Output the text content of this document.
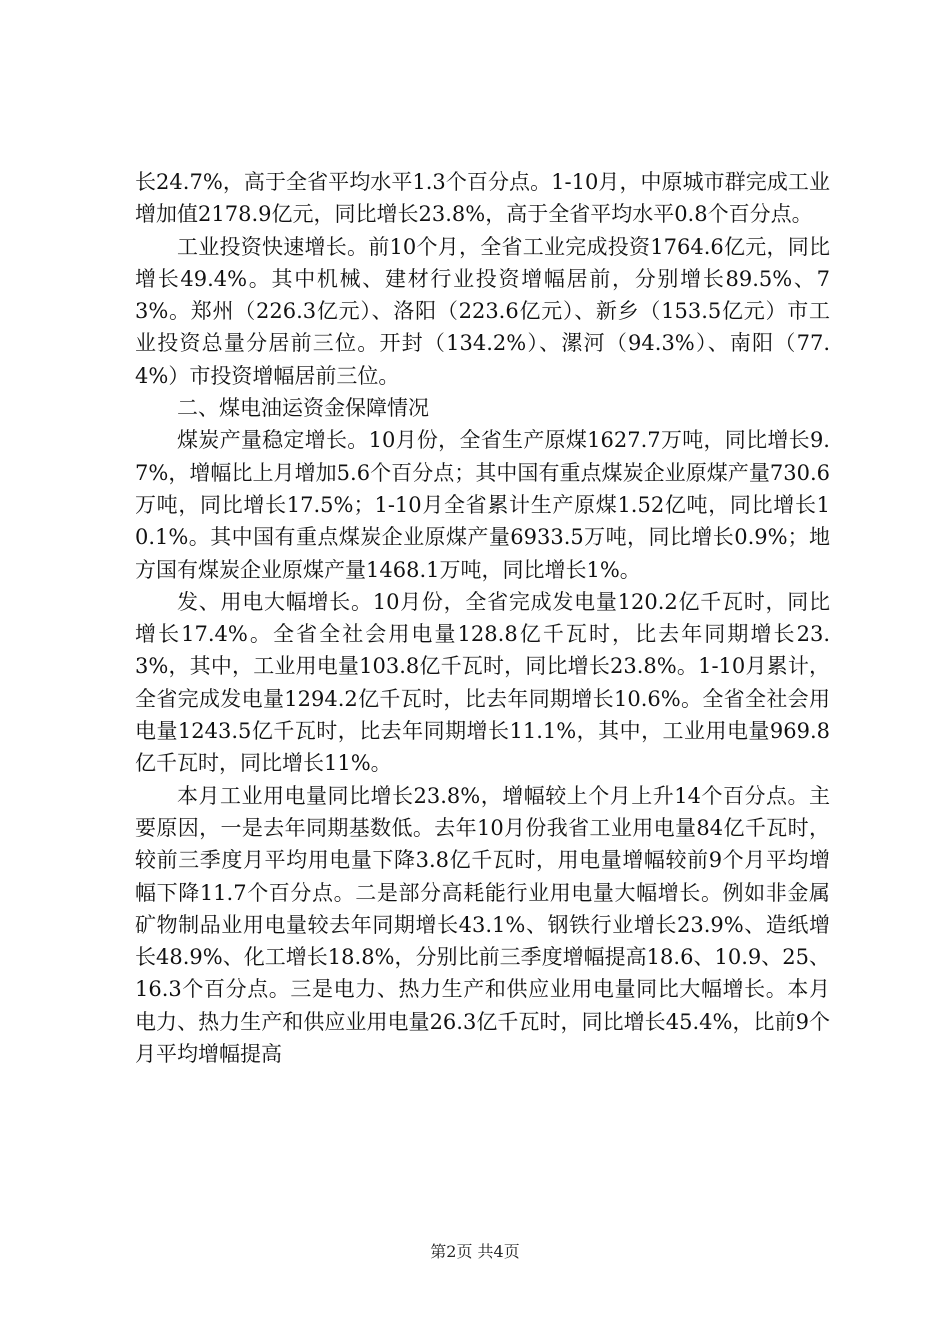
长24.7%，高于全省平均水平1.3个百分点。1-10月，中原城市群完成工业增加值2178.9亿元，同比增长23.8%，高于全省平均水平0.8个百分点。

工业投资快速增长。前10个月，全省工业完成投资1764.6亿元，同比增长49.4%。其中机械、建材行业投资增幅居前，分别增长89.5%、73%。郑州（226.3亿元）、洛阳（223.6亿元）、新乡（153.5亿元）市工业投资总量分居前三位。开封（134.2%）、漯河（94.3%）、南阳（77.4%）市投资增幅居前三位。

二、煤电油运资金保障情况

煤炭产量稳定增长。10月份，全省生产原煤1627.7万吨，同比增长9.7%，增幅比上月增加5.6个百分点；其中国有重点煤炭企业原煤产量730.6万吨，同比增长17.5%；1-10月全省累计生产原煤1.52亿吨，同比增长10.1%。其中国有重点煤炭企业原煤产量6933.5万吨，同比增长0.9%；地方国有煤炭企业原煤产量1468.1万吨，同比增长1%。

发、用电大幅增长。10月份，全省完成发电量120.2亿千瓦时，同比增长17.4%。全省全社会用电量128.8亿千瓦时，比去年同期增长23.3%，其中，工业用电量103.8亿千瓦时，同比增长23.8%。1-10月累计，全省完成发电量1294.2亿千瓦时，比去年同期增长10.6%。全省全社会用电量1243.5亿千瓦时，比去年同期增长11.1%，其中，工业用电量969.8亿千瓦时，同比增长11%。

本月工业用电量同比增长23.8%，增幅较上个月上升14个百分点。主要原因，一是去年同期基数低。去年10月份我省工业用电量84亿千瓦时，较前三季度月平均用电量下降3.8亿千瓦时，用电量增幅较前9个月平均增幅下降11.7个百分点。二是部分高耗能行业用电量大幅增长。例如非金属矿物制品业用电量较去年同期增长43.1%、钢铁行业增长23.9%、造纸增长48.9%、化工增长18.8%，分别比前三季度增幅提高18.6、10.9、25、16.3个百分点。三是电力、热力生产和供应业用电量同比大幅增长。本月电力、热力生产和供应业用电量26.3亿千瓦时，同比增长45.4%，比前9个月平均增幅提高

第2页 共4页
